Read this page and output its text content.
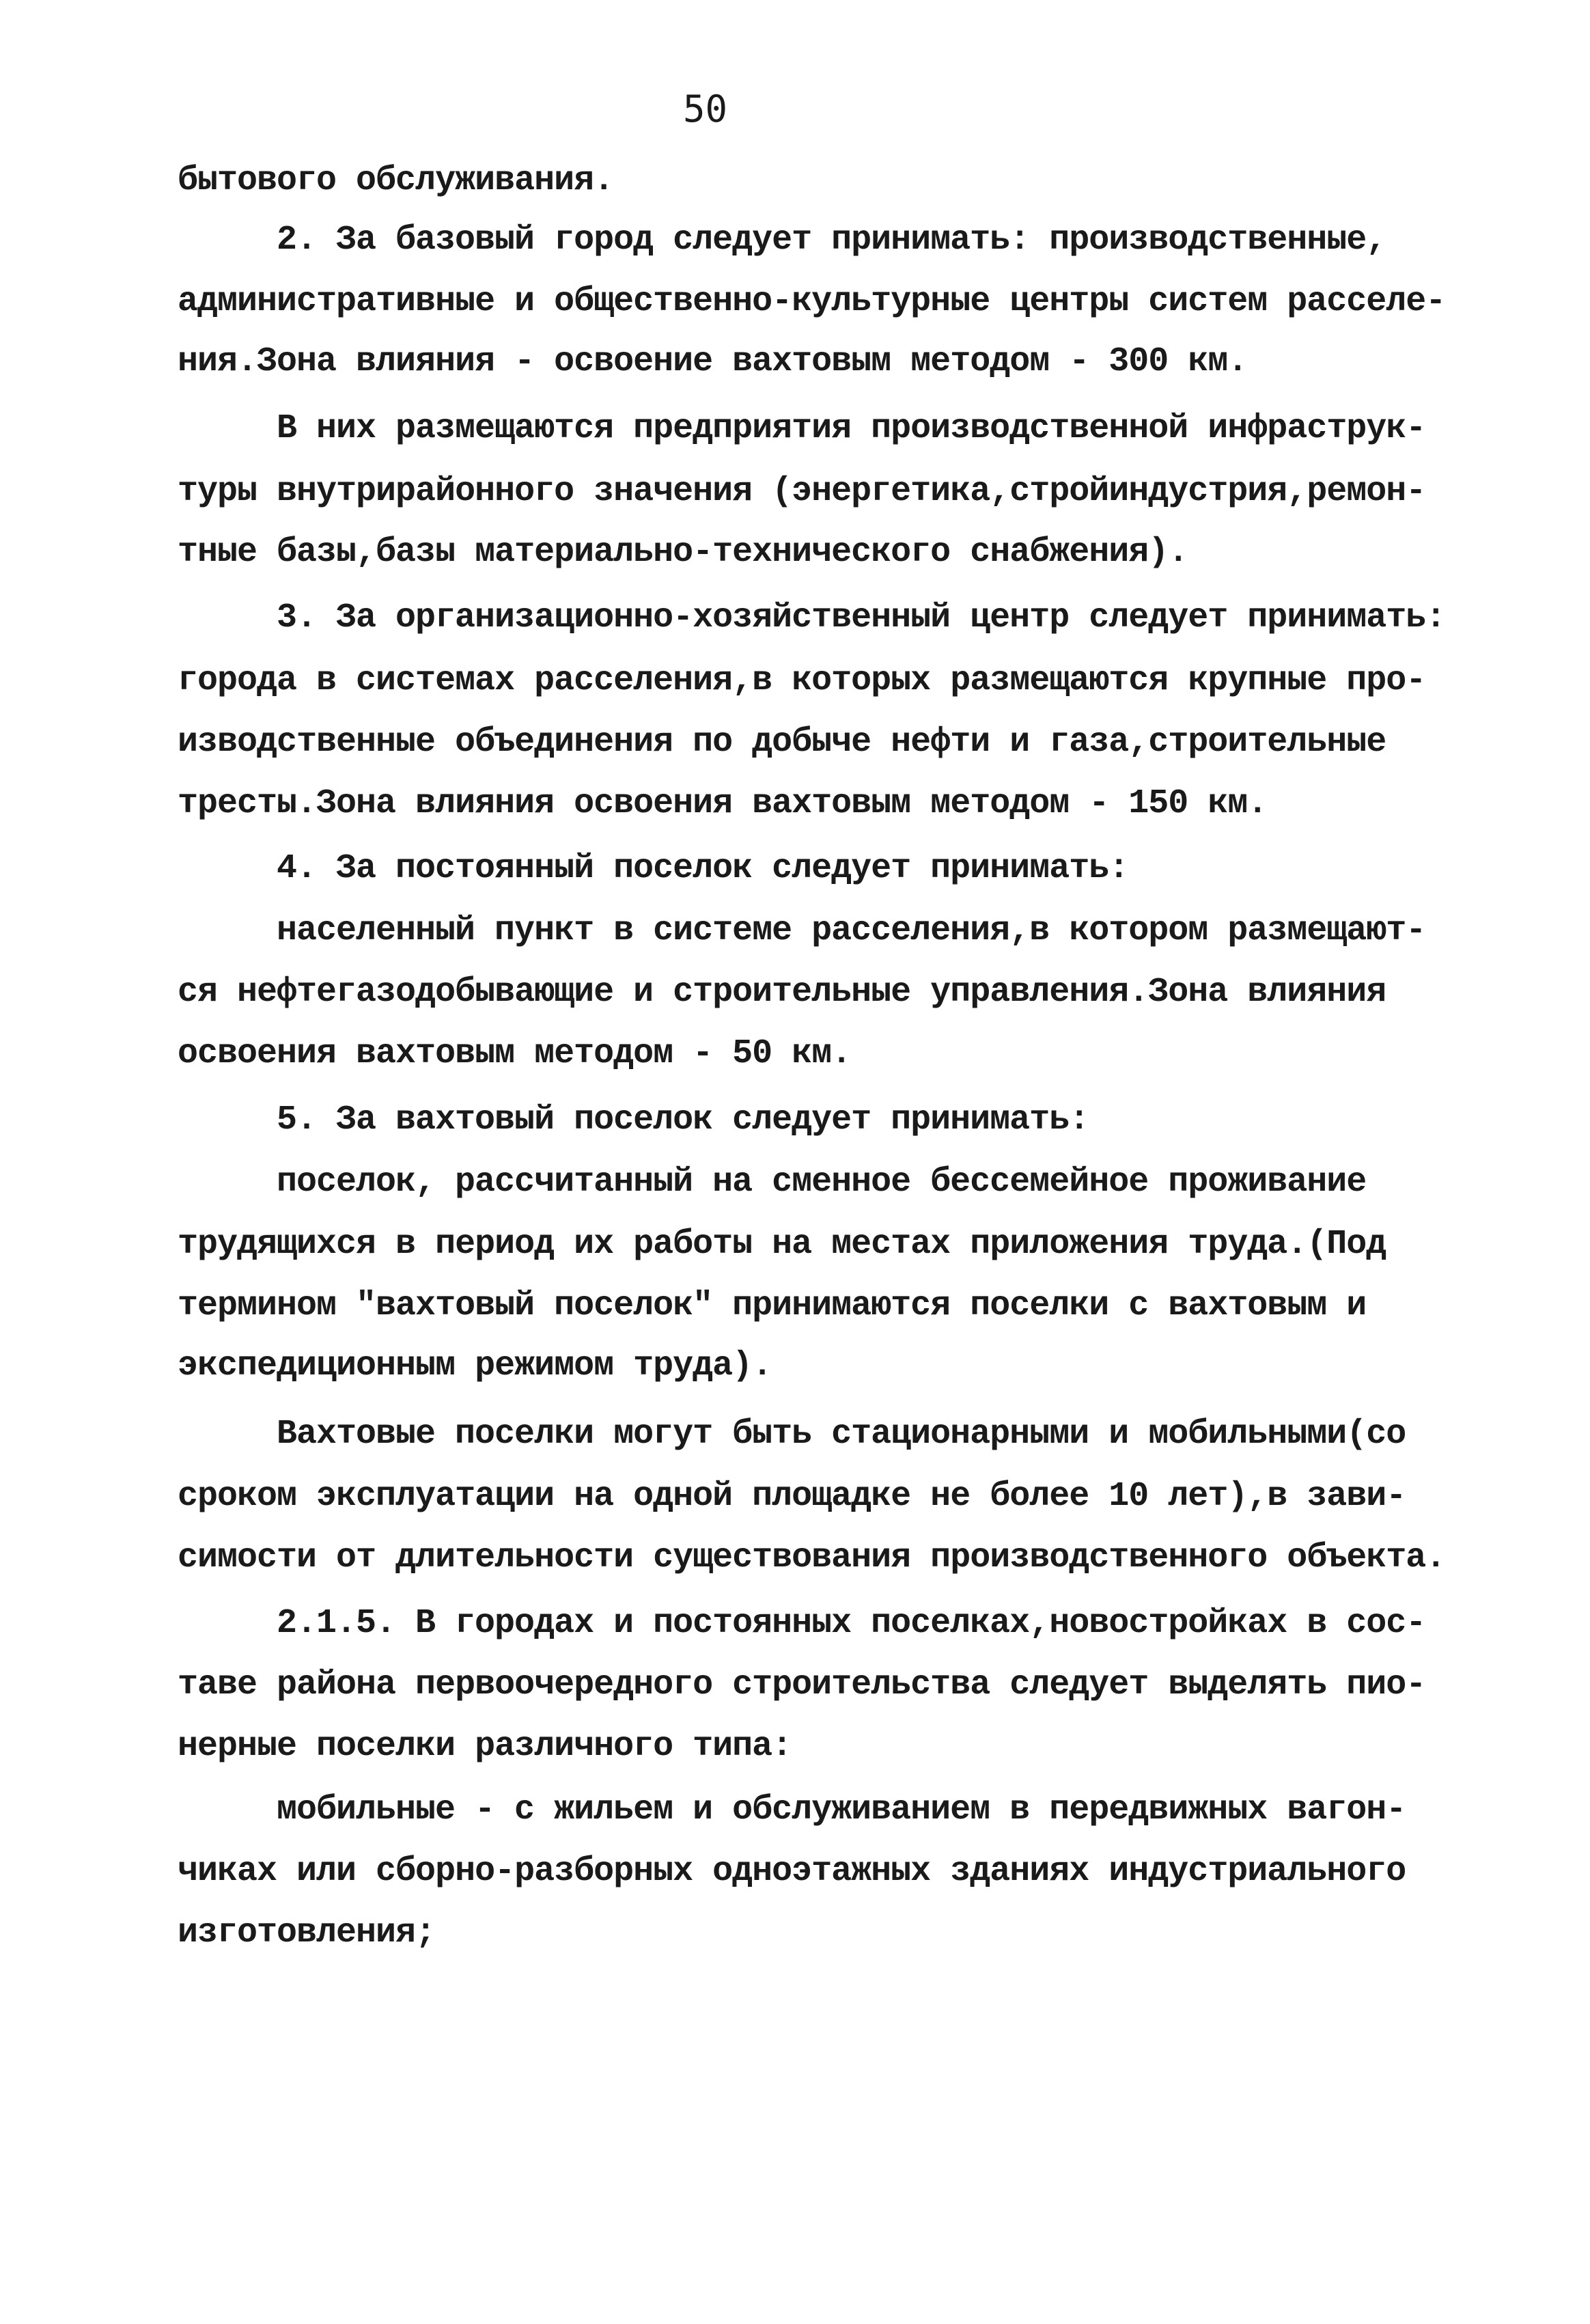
50
бытового обслуживания.
2. За базовый город следует принимать: производственные,
административные и общественно-культурные центры систем расселе-
ния.Зона влияния - освоение вахтовым методом - 300 км.
В них размещаются предприятия производственной инфраструк-
туры внутрирайонного значения (энергетика,стройиндустрия,ремон-
тные базы,базы материально-технического снабжения).
3. За организационно-хозяйственный центр следует принимать:
города в системах расселения,в которых размещаются крупные про-
изводственные объединения по добыче нефти и газа,строительные
тресты.Зона влияния освоения вахтовым методом - 150 км.
4. За постоянный поселок следует принимать:
населенный пункт в системе расселения,в котором размещают-
ся нефтегазодобывающие и строительные управления.Зона влияния
освоения вахтовым методом - 50 км.
5. За вахтовый поселок следует принимать:
поселок, рассчитанный на сменное бессемейное проживание
трудящихся в период их работы на местах приложения труда.(Под
термином "вахтовый поселок" принимаются поселки с вахтовым и
экспедиционным режимом труда).
Вахтовые поселки могут быть стационарными и мобильными(со
сроком эксплуатации на одной площадке не более 10 лет),в зави-
симости от длительности существования производственного объекта.
2.1.5. В городах и постоянных поселках,новостройках в сос-
таве района первоочередного строительства следует выделять пио-
нерные поселки различного типа:
мобильные - с жильем и обслуживанием в передвижных вагон-
чиках или сборно-разборных одноэтажных зданиях индустриального
изготовления;
